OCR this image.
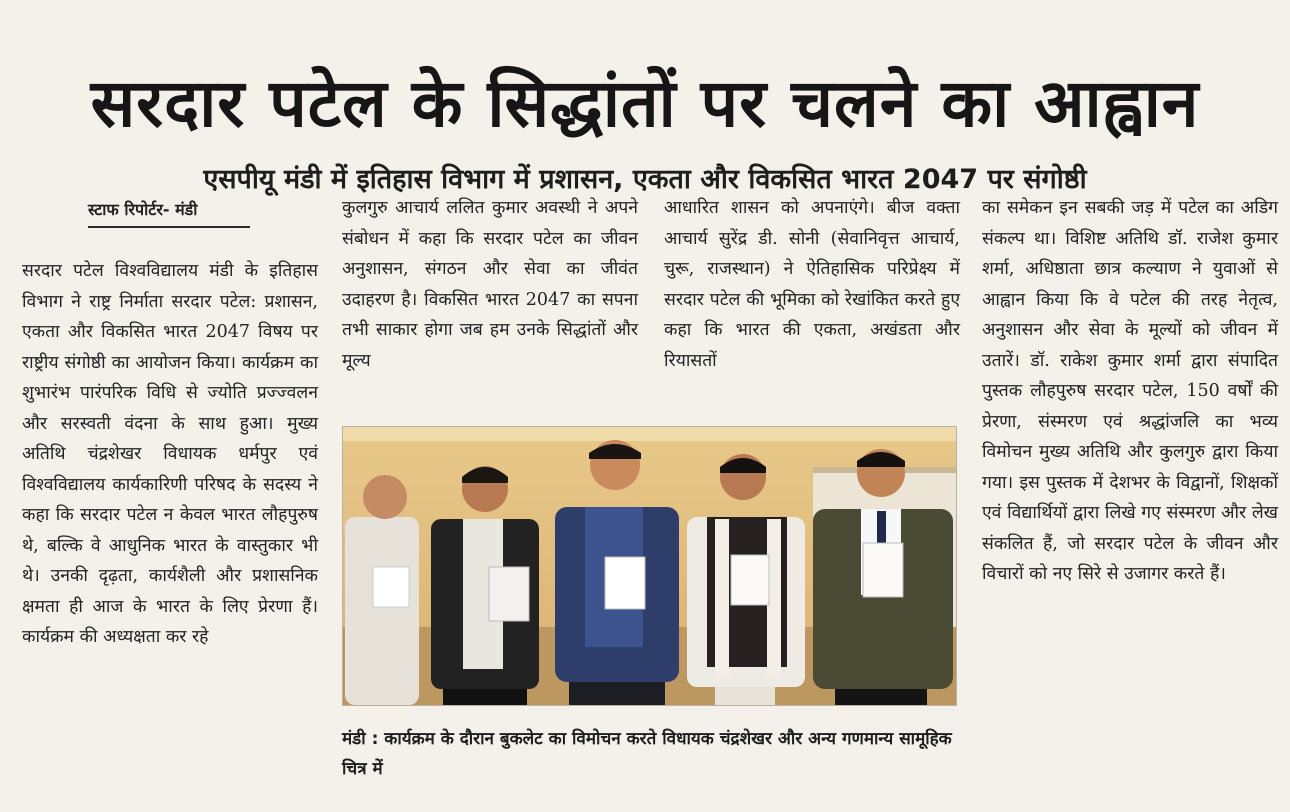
सरदार पटेल के सिद्धांतों पर चलने का आह्वान
एसपीयू मंडी में इतिहास विभाग में प्रशासन, एकता और विकसित भारत 2047 पर संगोष्ठी
स्टाफ रिपोर्टर- मंडी

सरदार पटेल विश्वविद्यालय मंडी के इतिहास विभाग ने राष्ट्र निर्माता सरदार पटेल: प्रशासन, एकता और विकसित भारत 2047 विषय पर राष्ट्रीय संगोष्ठी का आयोजन किया। कार्यक्रम का शुभारंभ पारंपरिक विधि से ज्योति प्रज्ज्वलन और सरस्वती वंदना के साथ हुआ। मुख्य अतिथि चंद्रशेखर विधायक धर्मपुर एवं विश्वविद्यालय कार्यकारिणी परिषद के सदस्य ने कहा कि सरदार पटेल न केवल भारत लौहपुरुष थे, बल्कि वे आधुनिक भारत के वास्तुकार भी थे। उनकी दृढ़ता, कार्यशैली और प्रशासनिक क्षमता ही आज के भारत के लिए प्रेरणा हैं। कार्यक्रम की अध्यक्षता कर रहे

कुलगुरु आचार्य ललित कुमार अवस्थी ने अपने संबोधन में कहा कि सरदार पटेल का जीवन अनुशासन, संगठन और सेवा का जीवंत उदाहरण है। विकसित भारत 2047 का सपना तभी साकार होगा जब हम उनके सिद्धांतों और मूल्य

आधारित शासन को अपनाएंगे। बीज वक्ता आचार्य सुरेंद्र डी. सोनी (सेवानिवृत्त आचार्य, चुरू, राजस्थान) ने ऐतिहासिक परिप्रेक्ष्य में सरदार पटेल की भूमिका को रेखांकित करते हुए कहा कि भारत की एकता, अखंडता और रियासतों

का समेकन इन सबकी जड़ में पटेल का अडिग संकल्प था। विशिष्ट अतिथि डॉ. राजेश कुमार शर्मा, अधिष्ठाता छात्र कल्याण ने युवाओं से आह्वान किया कि वे पटेल की तरह नेतृत्व, अनुशासन और सेवा के मूल्यों को जीवन में उतारें। डॉ. राकेश कुमार शर्मा द्वारा संपादित पुस्तक लौहपुरुष सरदार पटेल, 150 वर्षों की प्रेरणा, संस्मरण एवं श्रद्धांजलि का भव्य विमोचन मुख्य अतिथि और कुलगुरु द्वारा किया गया। इस पुस्तक में देशभर के विद्वानों, शिक्षकों एवं विद्यार्थियों द्वारा लिखे गए संस्मरण और लेख संकलित हैं, जो सरदार पटेल के जीवन और विचारों को नए सिरे से उजागर करते हैं।

मंडी : कार्यक्रम के दौरान बुकलेट का विमोचन करते विधायक चंद्रशेखर और अन्य गणमान्य सामूहिक चित्र में
